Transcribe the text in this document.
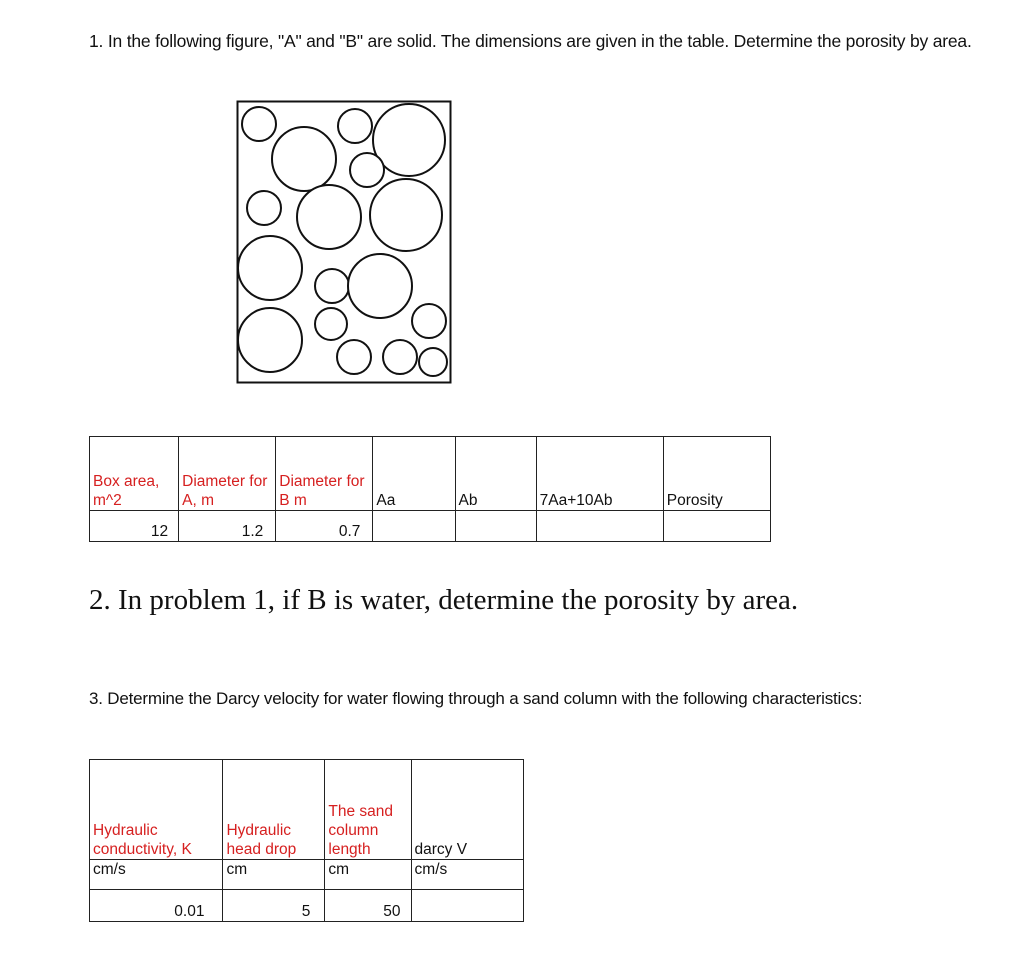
1. In the following figure, "A" and "B" are solid. The dimensions are given in the table. Determine the porosity by area.
Box area, m^2	Diameter for A, m	Diameter for B m	Aa	Ab	7Aa+10Ab	Porosity
12	1.2	0.7				
2. In problem 1, if B is water, determine the porosity by area.
3. Determine the Darcy velocity for water flowing through a sand column with the following characteristics:
Hydraulic conductivity, K	Hydraulic head drop	The sand column length	darcy V
cm/s	cm	cm	cm/s
0.01	5	50	
